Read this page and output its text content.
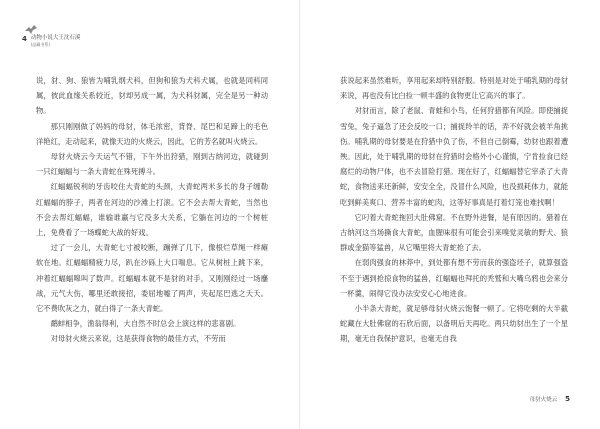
4 动物小说大王沈石溪
(品藏书系)

说，豺、狗、狼皆为哺乳纲犬科，但狗和狼为犬科犬属，也就是同科同属，彼此血缘关系较近，豺却另成一属，为犬科豺属，完全是另一种动物。

那只刚刚做了妈妈的母豺，体毛浓密，背脊、尾巴和足蹄上的毛色洋艳红，走动起来，就像天边的火烧云，因此，它的芳名就叫火烧云。

母豺火烧云今天运气不错，下午外出狩猎，刚到古纳河边，就碰到一只红蝠蝠与一条大青蛇在殊死搏斗。

红蝠蝠锐利的牙齿咬住大青蛇的头颈，大青蛇两米多长的身子缠勒红蝠蝠的脖子，两者在河边的沙滩上打滚。它不会去帮大青蛇，当然也不会去帮红蝠蝠，谁输谁赢与它没多大关系，它躺在河边的一个树桩上，免费看了一场蝶蛇大战的好戏。

过了一会儿，大青蛇七寸被咬断，蹦弹了几下，像根烂草绳一样瘫软在地。红蝠蝠精疲力尽，趴在沙砾上大口喘息。它从树桩上跳下来，冲着红蝠蝠嗥叫了数声。红蝠蝠本就不是豺的对手，又刚刚经过一场鏖战，元气大伤，哪里还敢接招，委屈地嘘了两声，夹起尾巴逃之夭夭。它不费吹灰之力，就白得了一条大青蛇。

鹬蚌相争，渔翁得利，大自然不时总会上演这样的悲喜剧。

对母豺火烧云来说，这是获得食物的最佳方式，不劳而

获说起来虽然难听，享用起来却特别舒服。特别是对处于哺乳期的母豺来说，再也没有比白捡一顿丰盛的食物更让它高兴的事了。

对豺而言，除了老鼠、青蛙和小鸟，任何狩猎都有风险。即使捕捉雪兔，兔子逼急了还会反咬一口；捕捉羚羊的话，弄不好就会被羊角挑伤。哺乳期的母豺要是在狩猎中负了伤，不但自己倒霉，幼豺也跟着遭殃。因此，处于哺乳期的母豺在狩猎时会格外小心谨慎，宁肯捡食已经腐烂的动物尸体，也不去冒险打猎。现在好了，红蝠蝠替它宰杀了大青蛇，食物送来还新鲜，安安全全，没冒什么风险，也没损耗体力，就能吃到鲜美爽口、营养丰富的蛇肉，这等好事真是打着灯笼也难找啊！

它叼着大青蛇拖回大肚佛窟。不在野外进餐，是有原因的。猎着在古纳河这当场撕食大青蛇，血腥味很有可能会引来嗅觉灵敏的野犬、狼群或金猫等猛兽，从它嘴里将大青蛇抢了去。

在弱肉强食的林莽中，到处都有想不劳而获的强盗坯子，就算强盗不至于遇到抢掠食物的猛兽，红蝠蝠也拜托的秃鹫和大嘴乌鸦也会来分一杯羹，闹得它没办法安安心心地进食。

小半条大青蛇，就足够母豺火烧云饱餐一顿了。它将吃剩的大半截蛇藏在大肚佛窟的石欣后面，以备明后天再吃。两只幼豺出生了一个星期，毫无自我保护意识，也毫无自我

母豺火烧云 5
